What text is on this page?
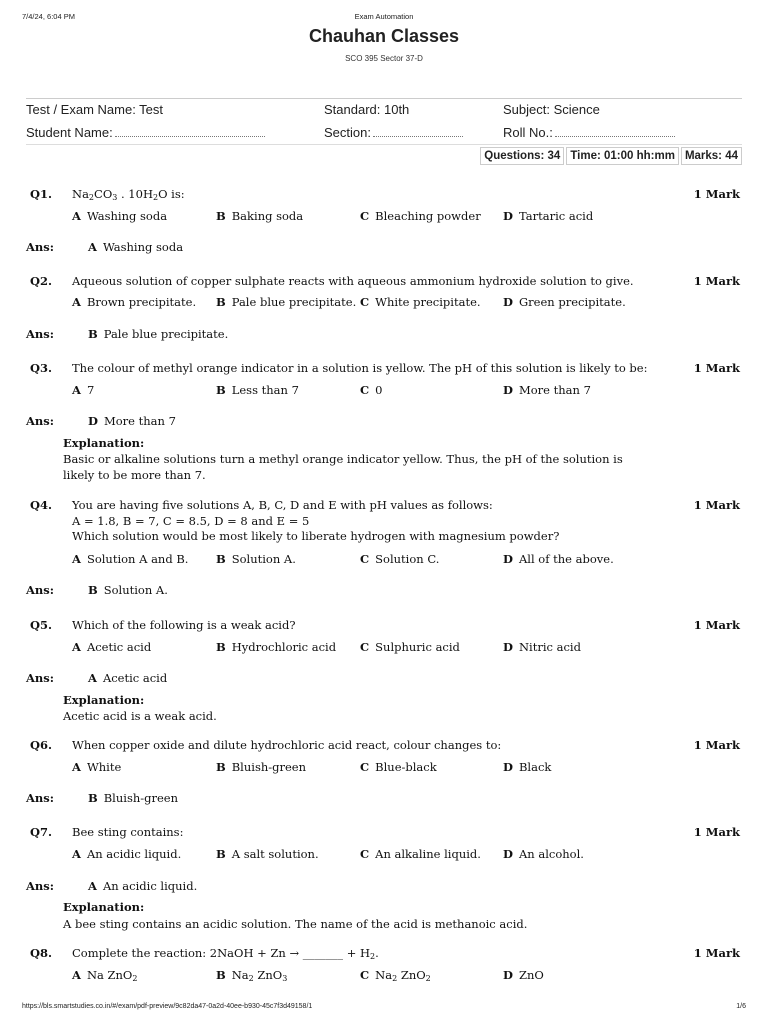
7/4/24, 6:04 PM	Exam Automation
Chauhan Classes
SCO 395 Sector 37-D
Test / Exam Name: Test	Standard: 10th	Subject: Science
Student Name:	Section:	Roll No.:
Questions: 34 Time: 01:00 hh:mm Marks: 44
Q1. $Na_2CO_3$ . $10H_2O$ is:	1 Mark
A Washing soda	B Baking soda	C Bleaching powder D Tartaric acid
Ans:	A Washing soda
Q2. Aqueous solution of copper sulphate reacts with aqueous ammonium hydroxide solution to give.	1 Mark
A Brown precipitate. B Pale blue precipitate. C White precipitate. D Green precipitate.
Ans:	B Pale blue precipitate.
Q3. The colour of methyl orange indicator in a solution is yellow. The pH of this solution is likely to be:	1 Mark
A 7	B Less than 7	C 0	D More than 7
Ans:	D More than 7
Explanation:
Basic or alkaline solutions turn a methyl orange indicator yellow. Thus, the pH of the solution is likely to be more than 7.
Q4. You are having five solutions A, B, C, D and E with pH values as follows:
A = 1.8, B = 7, C = 8.5, D = 8 and E = 5
Which solution would be most likely to liberate hydrogen with magnesium powder?
1 Mark
A Solution A and B. B Solution A.	C Solution C.	D All of the above.
Ans:	B Solution A.
Q5. Which of the following is a weak acid?	1 Mark
A Acetic acid	B Hydrochloric acid C Sulphuric acid	D Nitric acid
Ans:	A Acetic acid
Explanation:
Acetic acid is a weak acid.
Q6. When copper oxide and dilute hydrochloric acid react, colour changes to:	1 Mark
A White	B Bluish-green	C Blue-black	D Black
Ans:	B Bluish-green
Q7. Bee sting contains:	1 Mark
A An acidic liquid.	B A salt solution.	C An alkaline liquid. D An alcohol.
Ans:	A An acidic liquid.
Explanation:
A bee sting contains an acidic solution. The name of the acid is methanoic acid.
Q8. Complete the reaction: 2NaOH + Zn → _______ + $H_2$.	1 Mark
A Na ZnO$_2$	B $Na_2$ ZnO$_3$	C $Na_2$ ZnO$_2$	D ZnO
https://bls.smartstudies.co.in/#/exam/pdf-preview/9c82da47-0a2d-40ee-b930-45c7f3d49158/1	1/6
